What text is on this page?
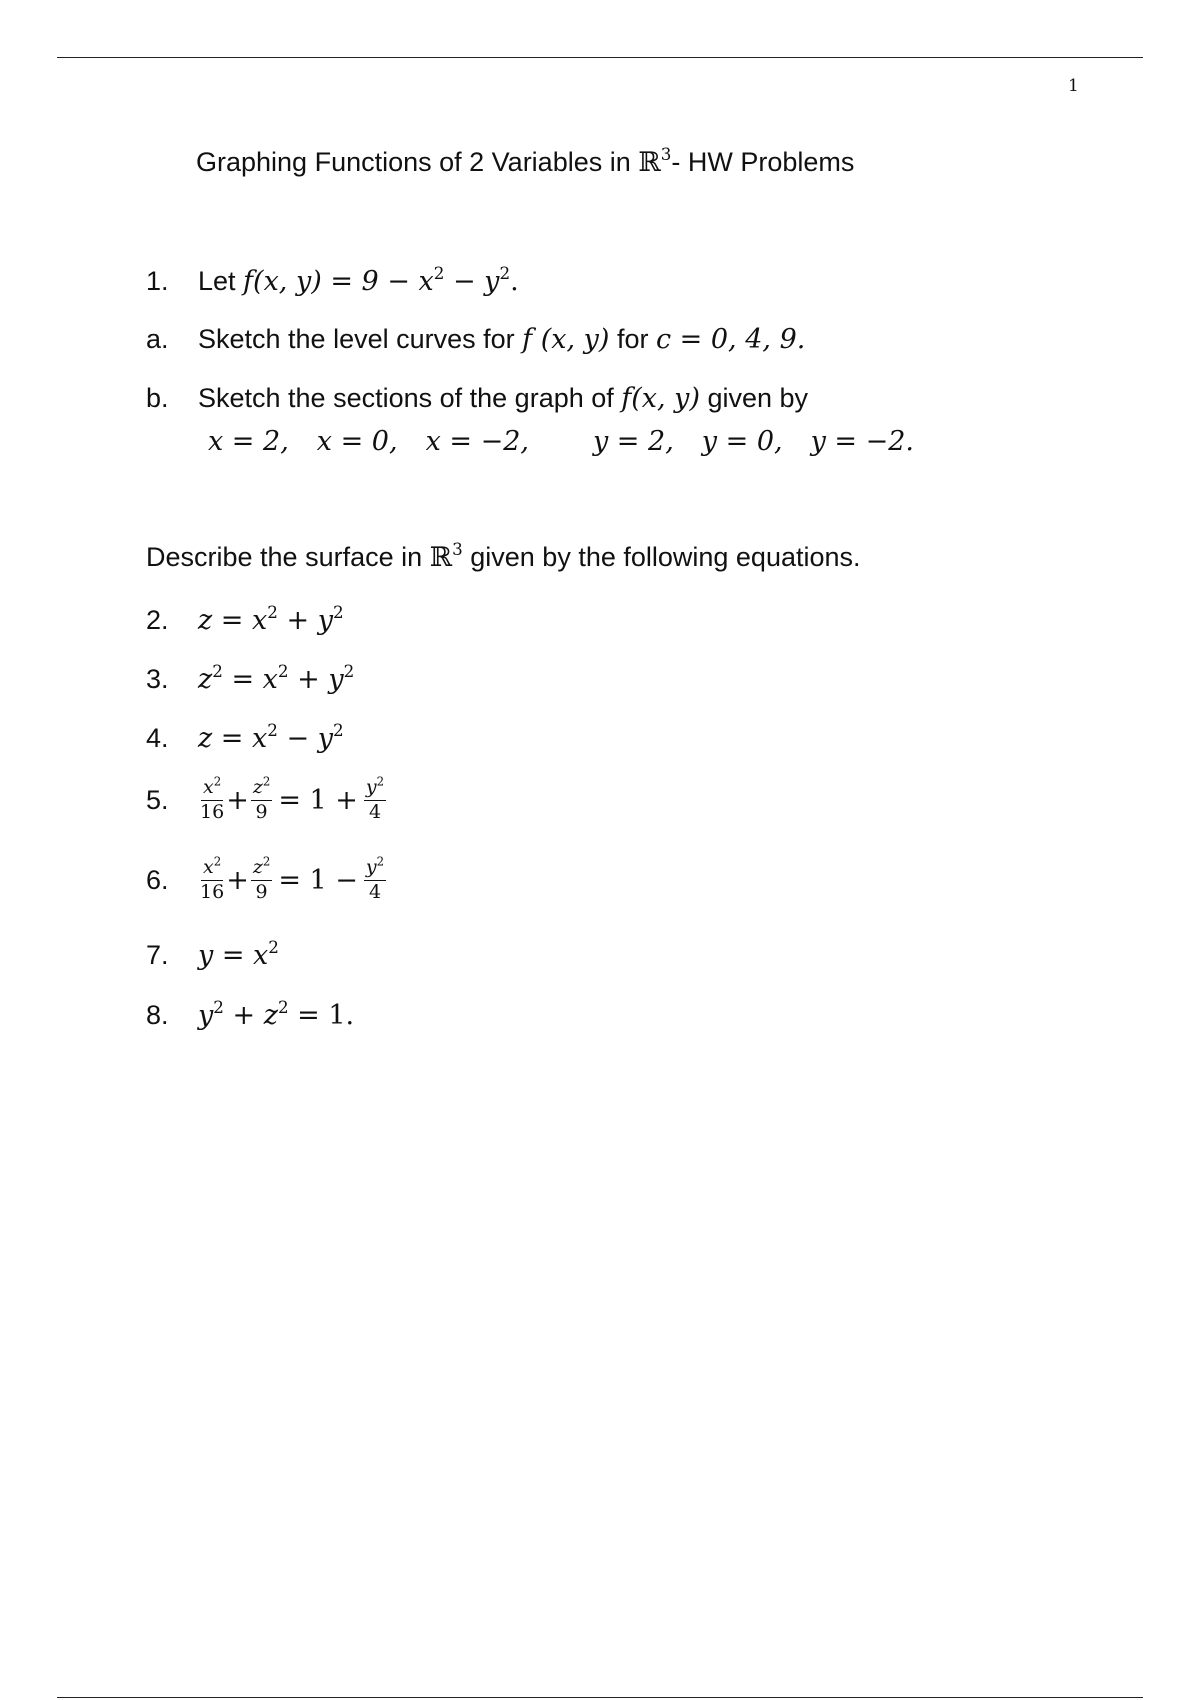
1
Graphing Functions of 2 Variables in ℝ$^3$- HW Problems
1. Let f(x, $y) = 9 - x^2 - y^2$.
a. Sketch the level curves for f (x, y) for c = 0, 4, 9.
b. Sketch the sections of the graph of f(x, y) given by
x = 2, x = 0, x = −2, y = 2, y = 0, y = −2.
Describe the surface in ℝ$^3$ given by the following equations.
2. $z = x^2 + y^2$
3. $z^2 = x^2 + y^2$
4. $z = x^2 - y^2$
5. $\frac{x^2}{16} + \frac{z^2}{9} = 1 + \frac{y^2}{4}$
6. $\frac{x^2}{16} + \frac{z^2}{9} = 1 - \frac{y^2}{4}$
7. $y = x^2$
8. $y^2 + z^2 = 1$.
